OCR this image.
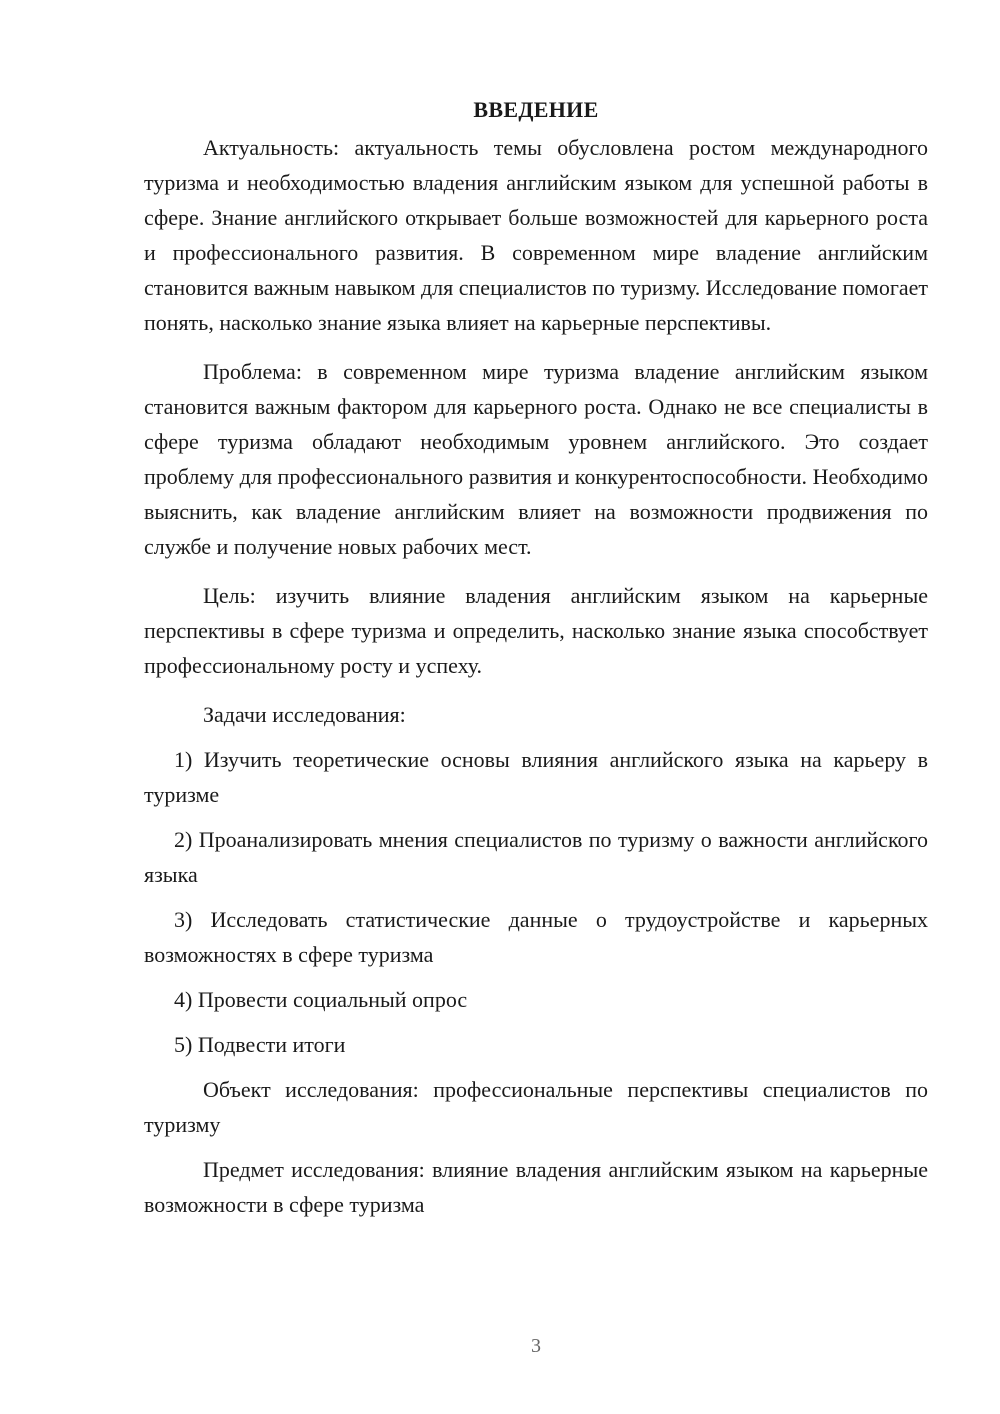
ВВЕДЕНИЕ

Актуальность: актуальность темы обусловлена ростом международного туризма и необходимостью владения английским языком для успешной работы в сфере. Знание английского открывает больше возможностей для карьерного роста и профессионального развития. В современном мире владение английским становится важным навыком для специалистов по туризму. Исследование помогает понять, насколько знание языка влияет на карьерные перспективы.

Проблема: в современном мире туризма владение английским языком становится важным фактором для карьерного роста. Однако не все специалисты в сфере туризма обладают необходимым уровнем английского. Это создает проблему для профессионального развития и конкурентоспособности. Необходимо выяснить, как владение английским влияет на возможности продвижения по службе и получение новых рабочих мест.

Цель: изучить влияние владения английским языком на карьерные перспективы в сфере туризма и определить, насколько знание языка способствует профессиональному росту и успеху.

Задачи исследования:

1) Изучить теоретические основы влияния английского языка на карьеру в туризме

2) Проанализировать мнения специалистов по туризму о важности английского языка

3) Исследовать статистические данные о трудоустройстве и карьерных возможностях в сфере туризма

4) Провести социальный опрос

5) Подвести итоги

Объект исследования: профессиональные перспективы специалистов по туризму

Предмет исследования: влияние владения английским языком на карьерные возможности в сфере туризма

3
